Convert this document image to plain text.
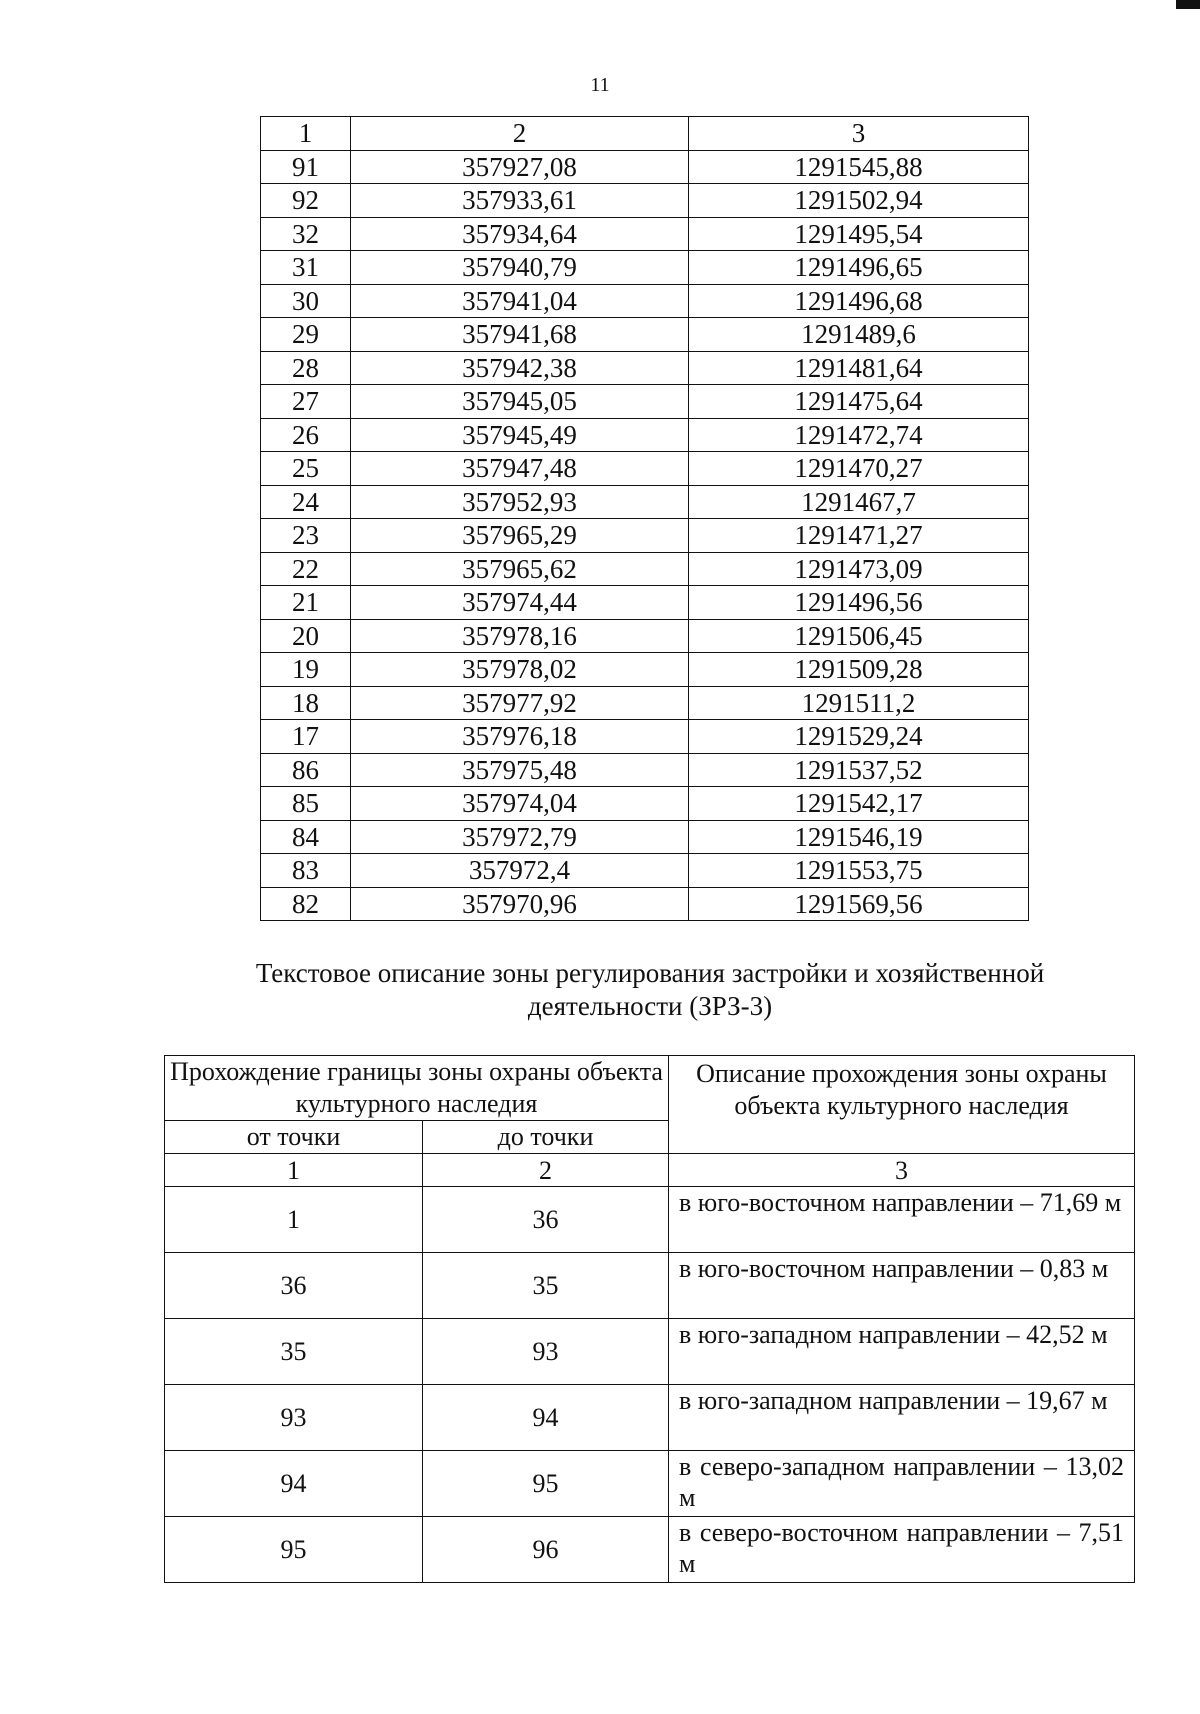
11
1	2	3
91	357927,08	1291545,88
92	357933,61	1291502,94
32	357934,64	1291495,54
31	357940,79	1291496,65
30	357941,04	1291496,68
29	357941,68	1291489,6
28	357942,38	1291481,64
27	357945,05	1291475,64
26	357945,49	1291472,74
25	357947,48	1291470,27
24	357952,93	1291467,7
23	357965,29	1291471,27
22	357965,62	1291473,09
21	357974,44	1291496,56
20	357978,16	1291506,45
19	357978,02	1291509,28
18	357977,92	1291511,2
17	357976,18	1291529,24
86	357975,48	1291537,52
85	357974,04	1291542,17
84	357972,79	1291546,19
83	357972,4	1291553,75
82	357970,96	1291569,56
Текстовое описание зоны регулирования застройки и хозяйственной
деятельности (ЗРЗ-3)
Прохождение границы зоны охраны объекта культурного наследия		Описание прохождения зоны охраны объекта культурного наследия
от точки	до точки	
1	2	3
1	36	в юго-восточном направлении – 71,69 м
36	35	в юго-восточном направлении – 0,83 м
35	93	в юго-западном направлении – 42,52 м
93	94	в юго-западном направлении – 19,67 м
94	95	в северо-западном направлении – 13,02 м
95	96	в северо-восточном направлении – 7,51 м
